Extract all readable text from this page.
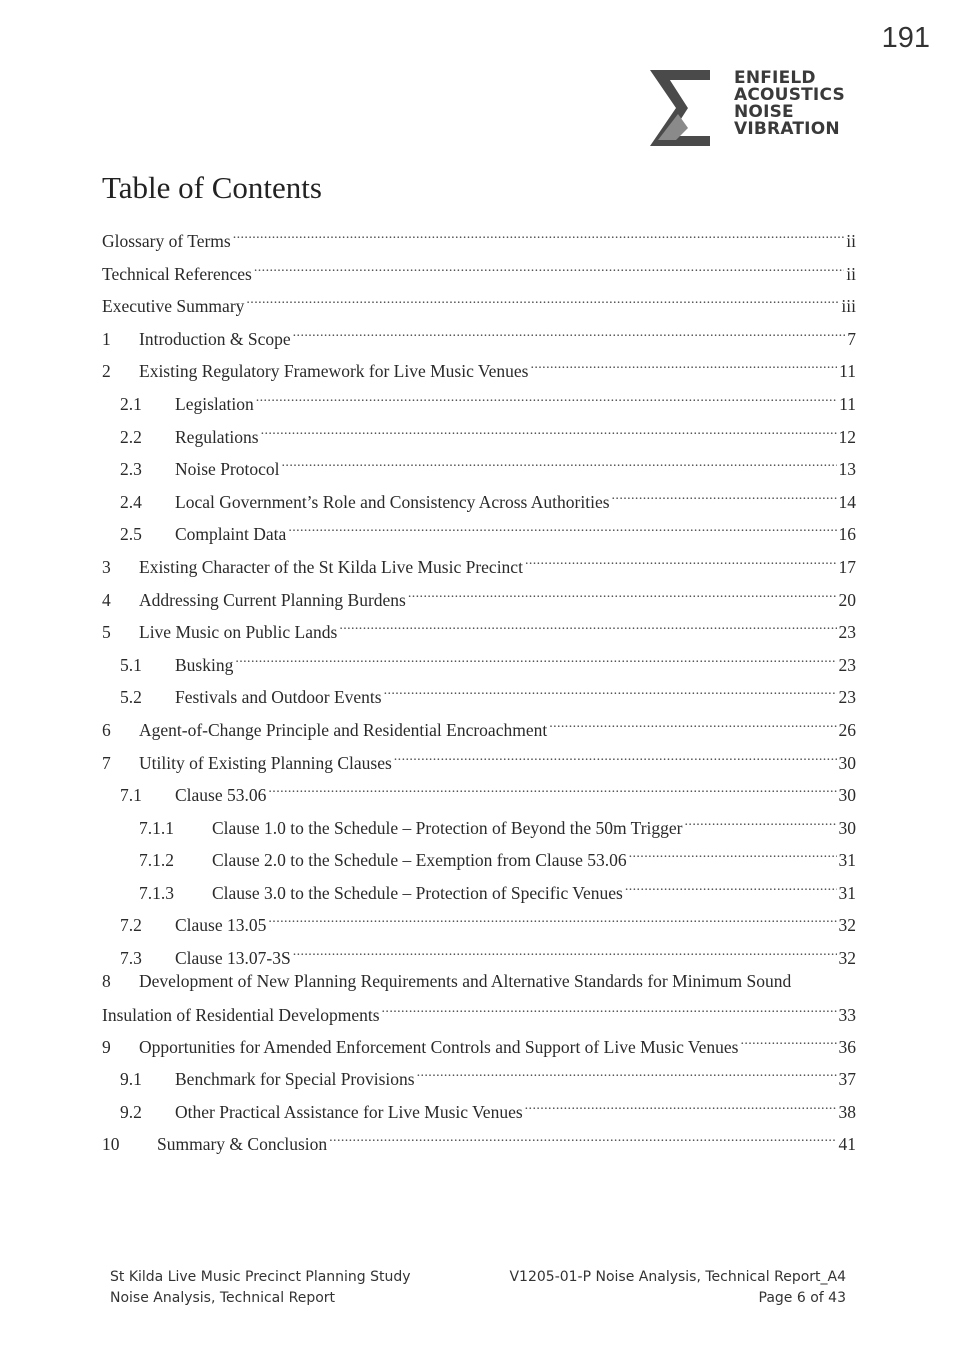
191
ENFIELD
ACOUSTICS
NOISE
VIBRATION
Table of Contents
Glossary of Terms .....	ii
Technical References .....	ii
Executive Summary .....	iii
1	Introduction & Scope .....	7
2	Existing Regulatory Framework for Live Music Venues .....	11
2.1	Legislation .....	11
2.2	Regulations .....	12
2.3	Noise Protocol .....	13
2.4	Local Government’s Role and Consistency Across Authorities .....	14
2.5	Complaint Data .....	16
3	Existing Character of the St Kilda Live Music Precinct .....	17
4	Addressing Current Planning Burdens .....	20
5	Live Music on Public Lands .....	23
5.1	Busking .....	23
5.2	Festivals and Outdoor Events .....	23
6	Agent-of-Change Principle and Residential Encroachment .....	26
7	Utility of Existing Planning Clauses .....	30
7.1	Clause 53.06 .....	30
7.1.1	Clause 1.0 to the Schedule – Protection of Beyond the 50m Trigger .....	30
7.1.2	Clause 2.0 to the Schedule – Exemption from Clause 53.06 .....	31
7.1.3	Clause 3.0 to the Schedule – Protection of Specific Venues .....	31
7.2	Clause 13.05 .....	32
7.3	Clause 13.07-3S .....	32
8	Development of New Planning Requirements and Alternative Standards for Minimum Sound
Insulation of Residential Developments .....	33
9	Opportunities for Amended Enforcement Controls and Support of Live Music Venues .....	36
9.1	Benchmark for Special Provisions .....	37
9.2	Other Practical Assistance for Live Music Venues .....	38
10	Summary & Conclusion .....	41
St Kilda Live Music Precinct Planning Study
Noise Analysis, Technical Report
V1205-01-P Noise Analysis, Technical Report_A4
Page 6 of 43
